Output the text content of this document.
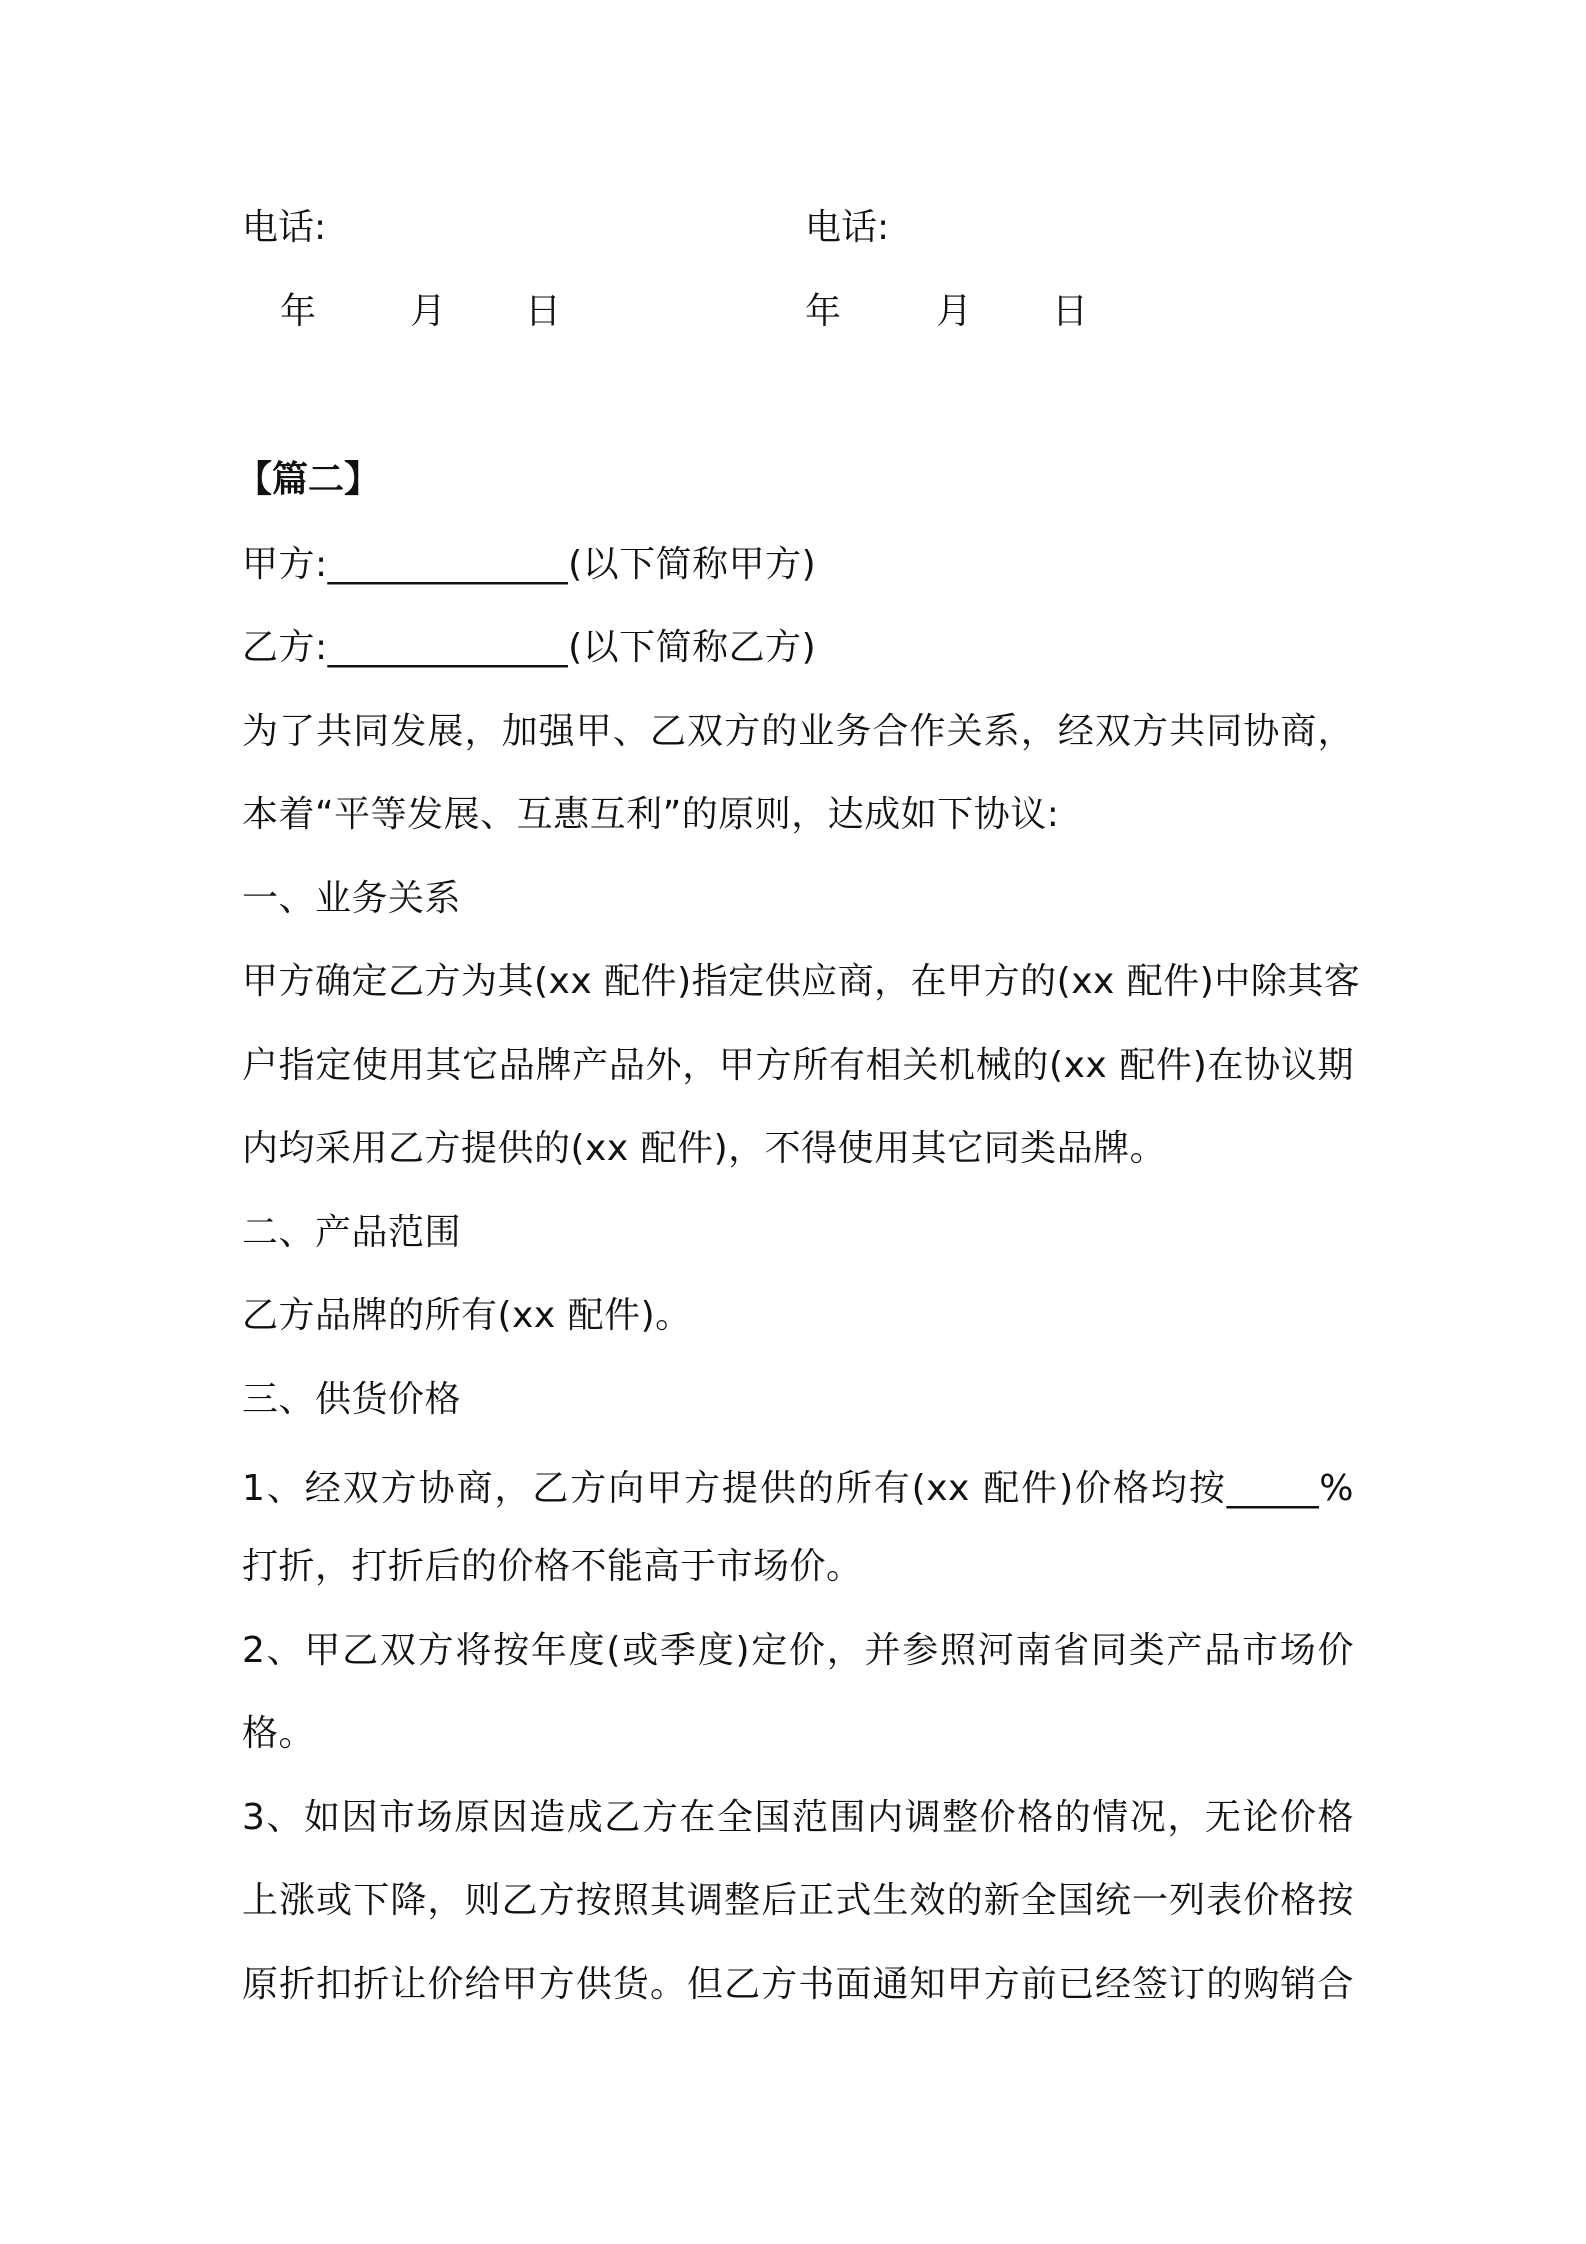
电话:	电话:
年	月 日	年	月 日
【篇二】
甲方:_____________(以下简称甲方)
乙方:_____________(以下简称乙方)
为了共同发展，加强甲、乙双方的业务合作关系，经双方共同协商，
本着“平等发展、互惠互利”的原则，达成如下协议:
一、业务关系
甲方确定乙方为其(xx 配件)指定供应商，在甲方的(xx 配件)中除其客
户指定使用其它品牌产品外，甲方所有相关机械的(xx 配件)在协议期
内均采用乙方提供的(xx 配件)，不得使用其它同类品牌。
二、产品范围
乙方品牌的所有(xx 配件)。
三、供货价格
1、经双方协商，乙方向甲方提供的所有(xx 配件)价格均按_____%
打折，打折后的价格不能高于市场价。
2、甲乙双方将按年度(或季度)定价，并参照河南省同类产品市场价
格。
3、如因市场原因造成乙方在全国范围内调整价格的情况，无论价格
上涨或下降，则乙方按照其调整后正式生效的新全国统一列表价格按
原折扣折让价给甲方供货。但乙方书面通知甲方前已经签订的购销合
